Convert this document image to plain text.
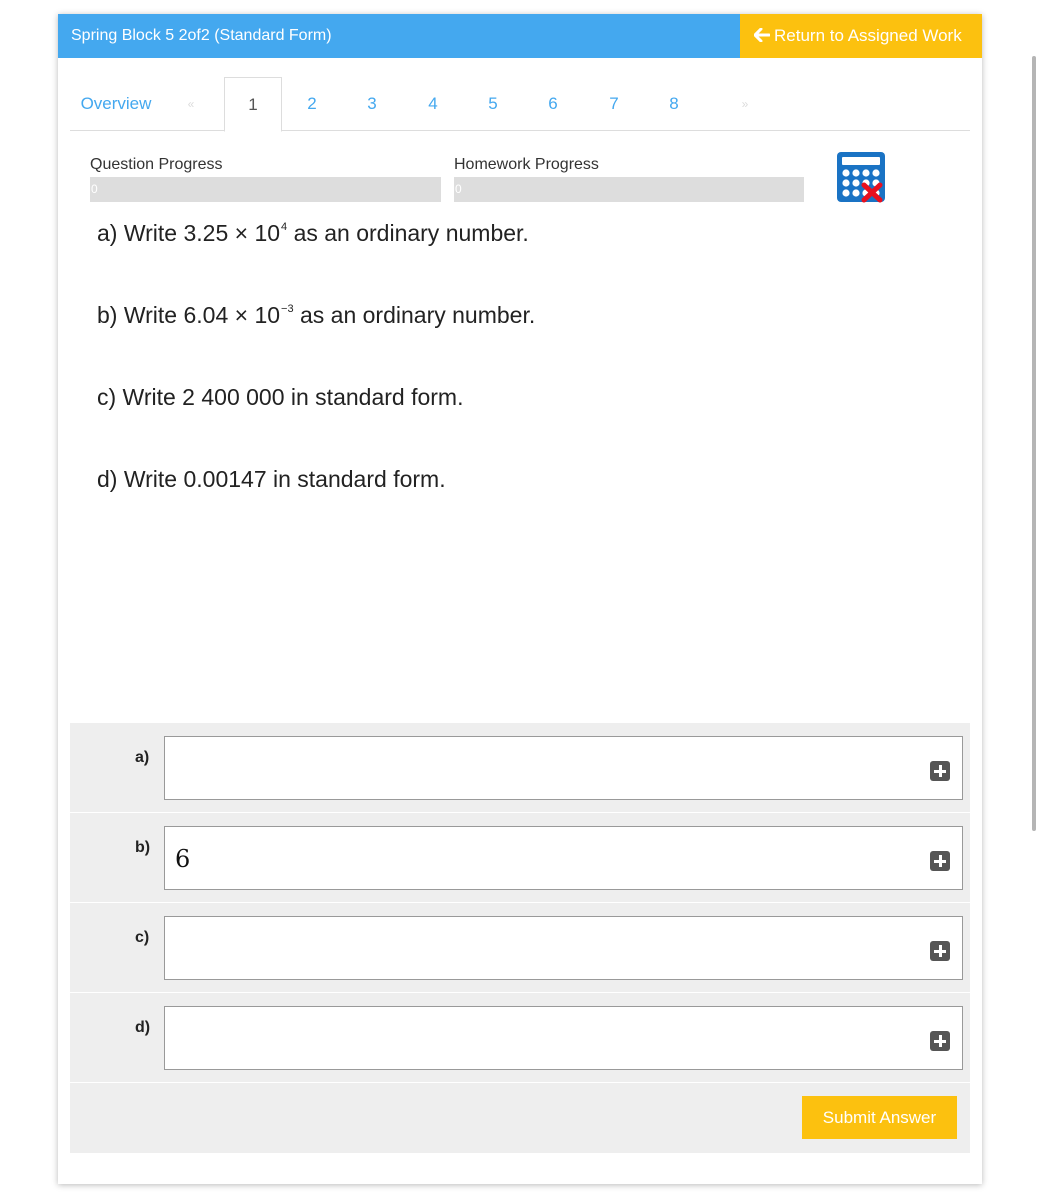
Spring Block 5 2of2 (Standard Form)	Return to Assigned Work
Overview	«	1	2	3	4	5	6	7	8	»
Question Progress
0
Homework Progress
0
a) Write $3.25 \times 10^4$ as an ordinary number.
b) Write $6.04 \times 10^{-3}$ as an ordinary number.
c) Write 2 400 000 in standard form.
d) Write 0.00147 in standard form.
a)
b)	6
c)
d)
Submit Answer
